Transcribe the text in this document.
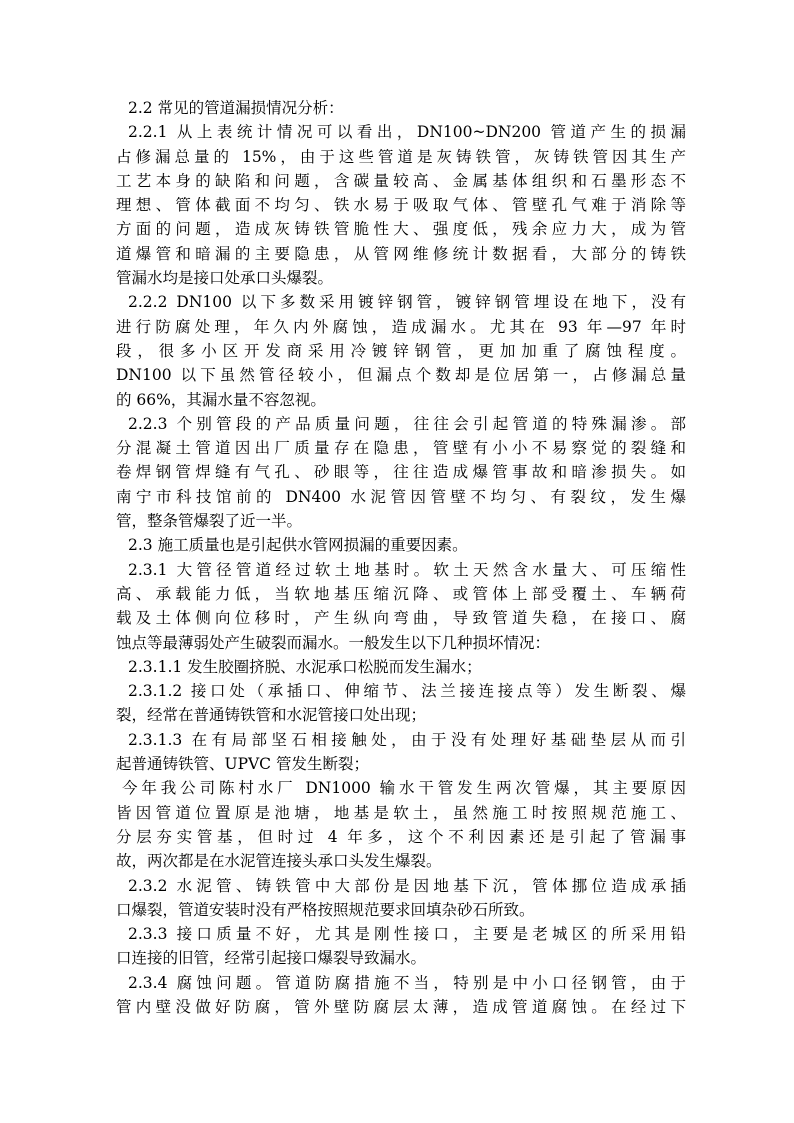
2.2 常见的管道漏损情况分析：
2.2.1 从上表统计情况可以看出，DN100~DN200 管道产生的损漏
占修漏总量的 15%，由于这些管道是灰铸铁管，灰铸铁管因其生产
工艺本身的缺陷和问题，含碳量较高、金属基体组织和石墨形态不
理想、管体截面不均匀、铁水易于吸取气体、管壁孔气难于消除等
方面的问题，造成灰铸铁管脆性大、强度低，残余应力大，成为管
道爆管和暗漏的主要隐患，从管网维修统计数据看，大部分的铸铁
管漏水均是接口处承口头爆裂。
2.2.2 DN100 以下多数采用镀锌钢管，镀锌钢管埋设在地下，没有
进行防腐处理，年久内外腐蚀，造成漏水。尤其在 93 年—97 年时
段，很多小区开发商采用冷镀锌钢管，更加加重了腐蚀程度。
DN100 以下虽然管径较小，但漏点个数却是位居第一，占修漏总量
的 66%，其漏水量不容忽视。
2.2.3 个别管段的产品质量问题，往往会引起管道的特殊漏渗。部
分混凝土管道因出厂质量存在隐患，管壁有小小不易察觉的裂缝和
卷焊钢管焊缝有气孔、砂眼等，往往造成爆管事故和暗渗损失。如
南宁市科技馆前的 DN400 水泥管因管壁不均匀、有裂纹，发生爆
管，整条管爆裂了近一半。
2.3 施工质量也是引起供水管网损漏的重要因素。
2.3.1 大管径管道经过软土地基时。软土天然含水量大、可压缩性
高、承载能力低，当软地基压缩沉降、或管体上部受覆土、车辆荷
载及土体侧向位移时，产生纵向弯曲，导致管道失稳，在接口、腐
蚀点等最薄弱处产生破裂而漏水。一般发生以下几种损坏情况：
2.3.1.1 发生胶圈挤脱、水泥承口松脱而发生漏水；
2.3.1.2 接口处（承插口、伸缩节、法兰接连接点等）发生断裂、爆
裂，经常在普通铸铁管和水泥管接口处出现；
2.3.1.3 在有局部坚石相接触处，由于没有处理好基础垫层从而引
起普通铸铁管、UPVC 管发生断裂；
今年我公司陈村水厂 DN1000 输水干管发生两次管爆，其主要原因
皆因管道位置原是池塘，地基是软土，虽然施工时按照规范施工、
分层夯实管基，但时过 4 年多，这个不利因素还是引起了管漏事
故，两次都是在水泥管连接头承口头发生爆裂。
2.3.2 水泥管、铸铁管中大部份是因地基下沉，管体挪位造成承插
口爆裂，管道安装时没有严格按照规范要求回填杂砂石所致。
2.3.3 接口质量不好，尤其是刚性接口，主要是老城区的所采用铅
口连接的旧管，经常引起接口爆裂导致漏水。
2.3.4 腐蚀问题。管道防腐措施不当，特别是中小口径钢管，由于
管内壁没做好防腐，管外壁防腐层太薄，造成管道腐蚀。在经过下
